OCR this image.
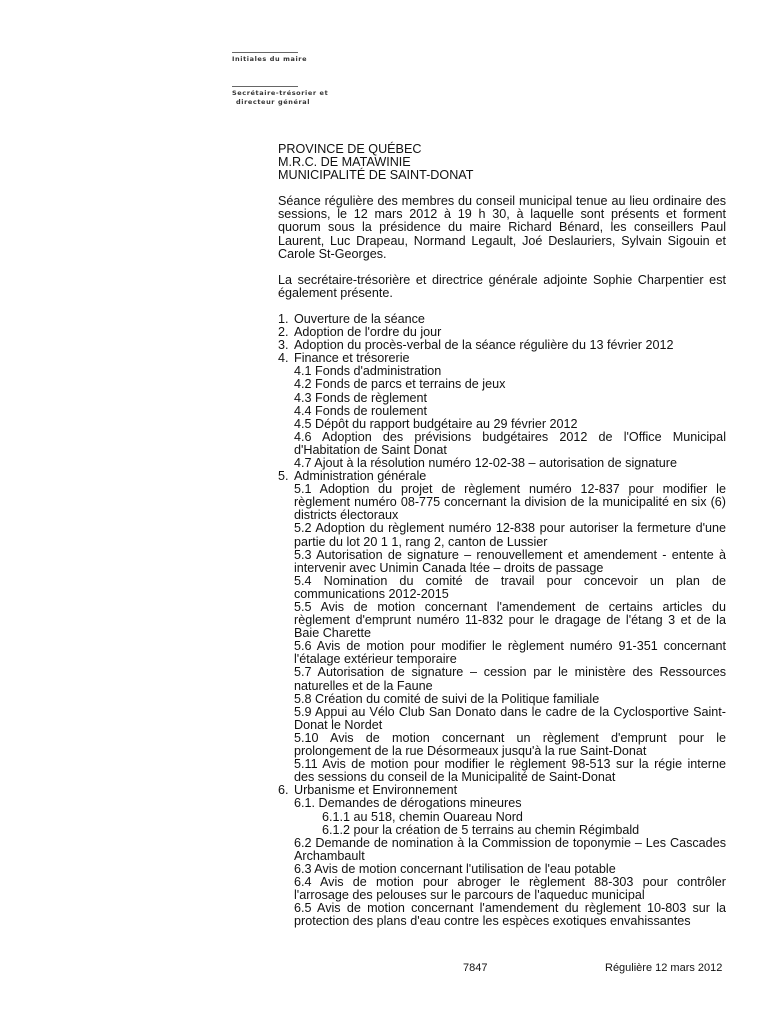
Initiales du maire
Secrétaire-trésorier et
directeur général
PROVINCE DE QUÉBEC
M.R.C. DE MATAWINIE
MUNICIPALITÉ DE SAINT-DONAT
Séance régulière des membres du conseil municipal tenue au lieu ordinaire des sessions, le 12 mars 2012 à 19 h 30, à laquelle sont présents et forment quorum sous la présidence du maire Richard Bénard, les conseillers Paul Laurent, Luc Drapeau, Normand Legault, Joé Deslauriers, Sylvain Sigouin et Carole St-Georges.
La secrétaire-trésorière et directrice générale adjointe Sophie Charpentier est également présente.
1. Ouverture de la séance
2. Adoption de l'ordre du jour
3. Adoption du procès-verbal de la séance régulière du 13 février 2012
4. Finance et trésorerie
4.1 Fonds d'administration
4.2 Fonds de parcs et terrains de jeux
4.3 Fonds de règlement
4.4 Fonds de roulement
4.5 Dépôt du rapport budgétaire au 29 février 2012
4.6 Adoption des prévisions budgétaires 2012 de l'Office Municipal d'Habitation de Saint Donat
4.7 Ajout à la résolution numéro 12-02-38 – autorisation de signature
5. Administration générale
5.1 Adoption du projet de règlement numéro 12-837 pour modifier le règlement numéro 08-775 concernant la division de la municipalité en six (6) districts électoraux
5.2 Adoption du règlement numéro 12-838 pour autoriser la fermeture d'une partie du lot 20 1 1, rang 2, canton de Lussier
5.3 Autorisation de signature – renouvellement et amendement - entente à intervenir avec Unimin Canada ltée – droits de passage
5.4 Nomination du comité de travail pour concevoir un plan de communications 2012-2015
5.5 Avis de motion concernant l'amendement de certains articles du règlement d'emprunt numéro 11-832 pour le dragage de l'étang 3 et de la Baie Charette
5.6 Avis de motion pour modifier le règlement numéro 91-351 concernant l'étalage extérieur temporaire
5.7 Autorisation de signature – cession par le ministère des Ressources naturelles et de la Faune
5.8 Création du comité de suivi de la Politique familiale
5.9 Appui au Vélo Club San Donato dans le cadre de la Cyclosportive Saint-Donat le Nordet
5.10 Avis de motion concernant un règlement d'emprunt pour le prolongement de la rue Désormeaux jusqu'à la rue Saint-Donat
5.11 Avis de motion pour modifier le règlement 98-513 sur la régie interne des sessions du conseil de la Municipalité de Saint-Donat
6. Urbanisme et Environnement
6.1. Demandes de dérogations mineures
6.1.1 au 518, chemin Ouareau Nord
6.1.2 pour la création de 5 terrains au chemin Régimbald
6.2 Demande de nomination à la Commission de toponymie – Les Cascades Archambault
6.3 Avis de motion concernant l'utilisation de l'eau potable
6.4 Avis de motion pour abroger le règlement 88-303 pour contrôler l'arrosage des pelouses sur le parcours de l'aqueduc municipal
6.5 Avis de motion concernant l'amendement du règlement 10-803 sur la protection des plans d'eau contre les espèces exotiques envahissantes
7847	Régulière 12 mars 2012
